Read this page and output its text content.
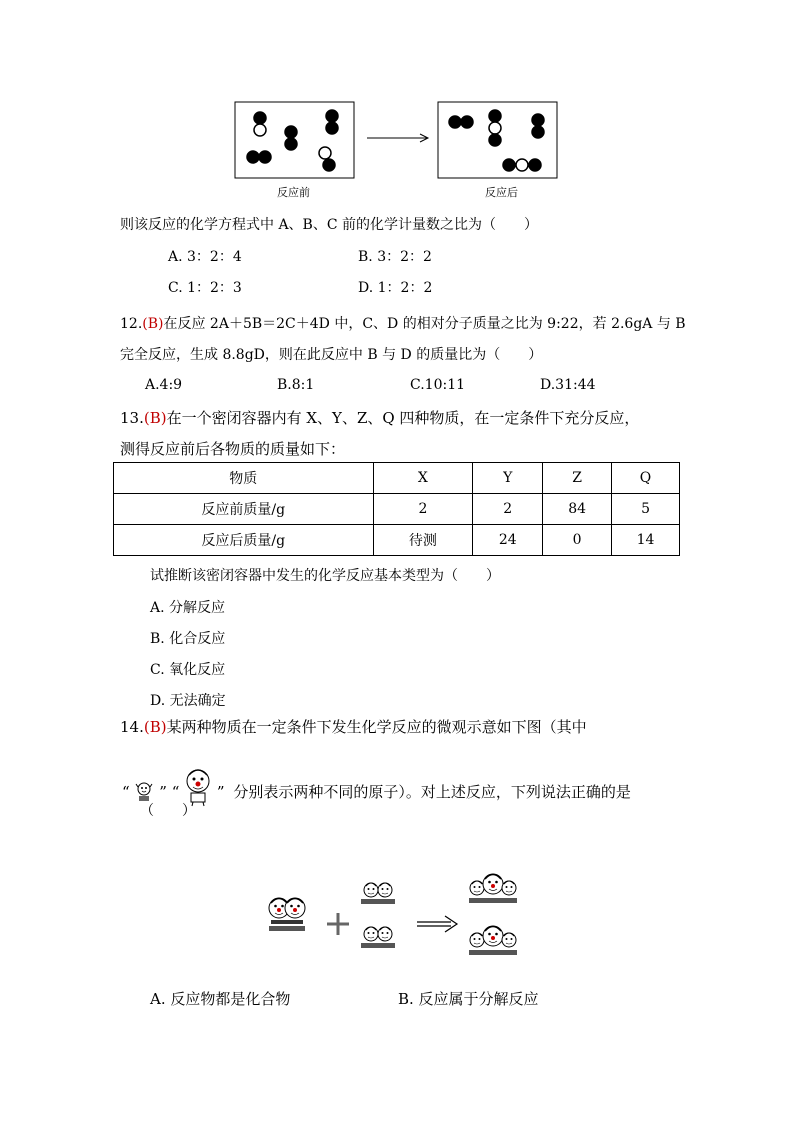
反应前	反应后
则该反应的化学方程式中 A、B、C 前的化学计量数之比为（　　）
A. 3：2：4	B. 3：2：2
C. 1：2：3	D. 1：2：2
12.(B)在反应 2A＋5B＝2C＋4D 中，C、D 的相对分子质量之比为 9:22，若 2.6gA 与 B
完全反应，生成 8.8gD，则在此反应中 B 与 D 的质量比为（　　）
A.4:9	B.8:1	C.10:11	D.31:44
13.(B)在一个密闭容器内有 X、Y、Z、Q 四种物质，在一定条件下充分反应，
测得反应前后各物质的质量如下：
物质	X	Y	Z	Q
反应前质量/g	2	2	84	5
反应后质量/g	待测	24	0	14
试推断该密闭容器中发生的化学反应基本类型为（　　）
A. 分解反应
B. 化合反应
C. 氧化反应
D. 无法确定
14.(B)某两种物质在一定条件下发生化学反应的微观示意如下图（其中
“ ” “	” 分别表示两种不同的原子）。对上述反应，下列说法正确的是
（　　）
A. 反应物都是化合物	B. 反应属于分解反应
